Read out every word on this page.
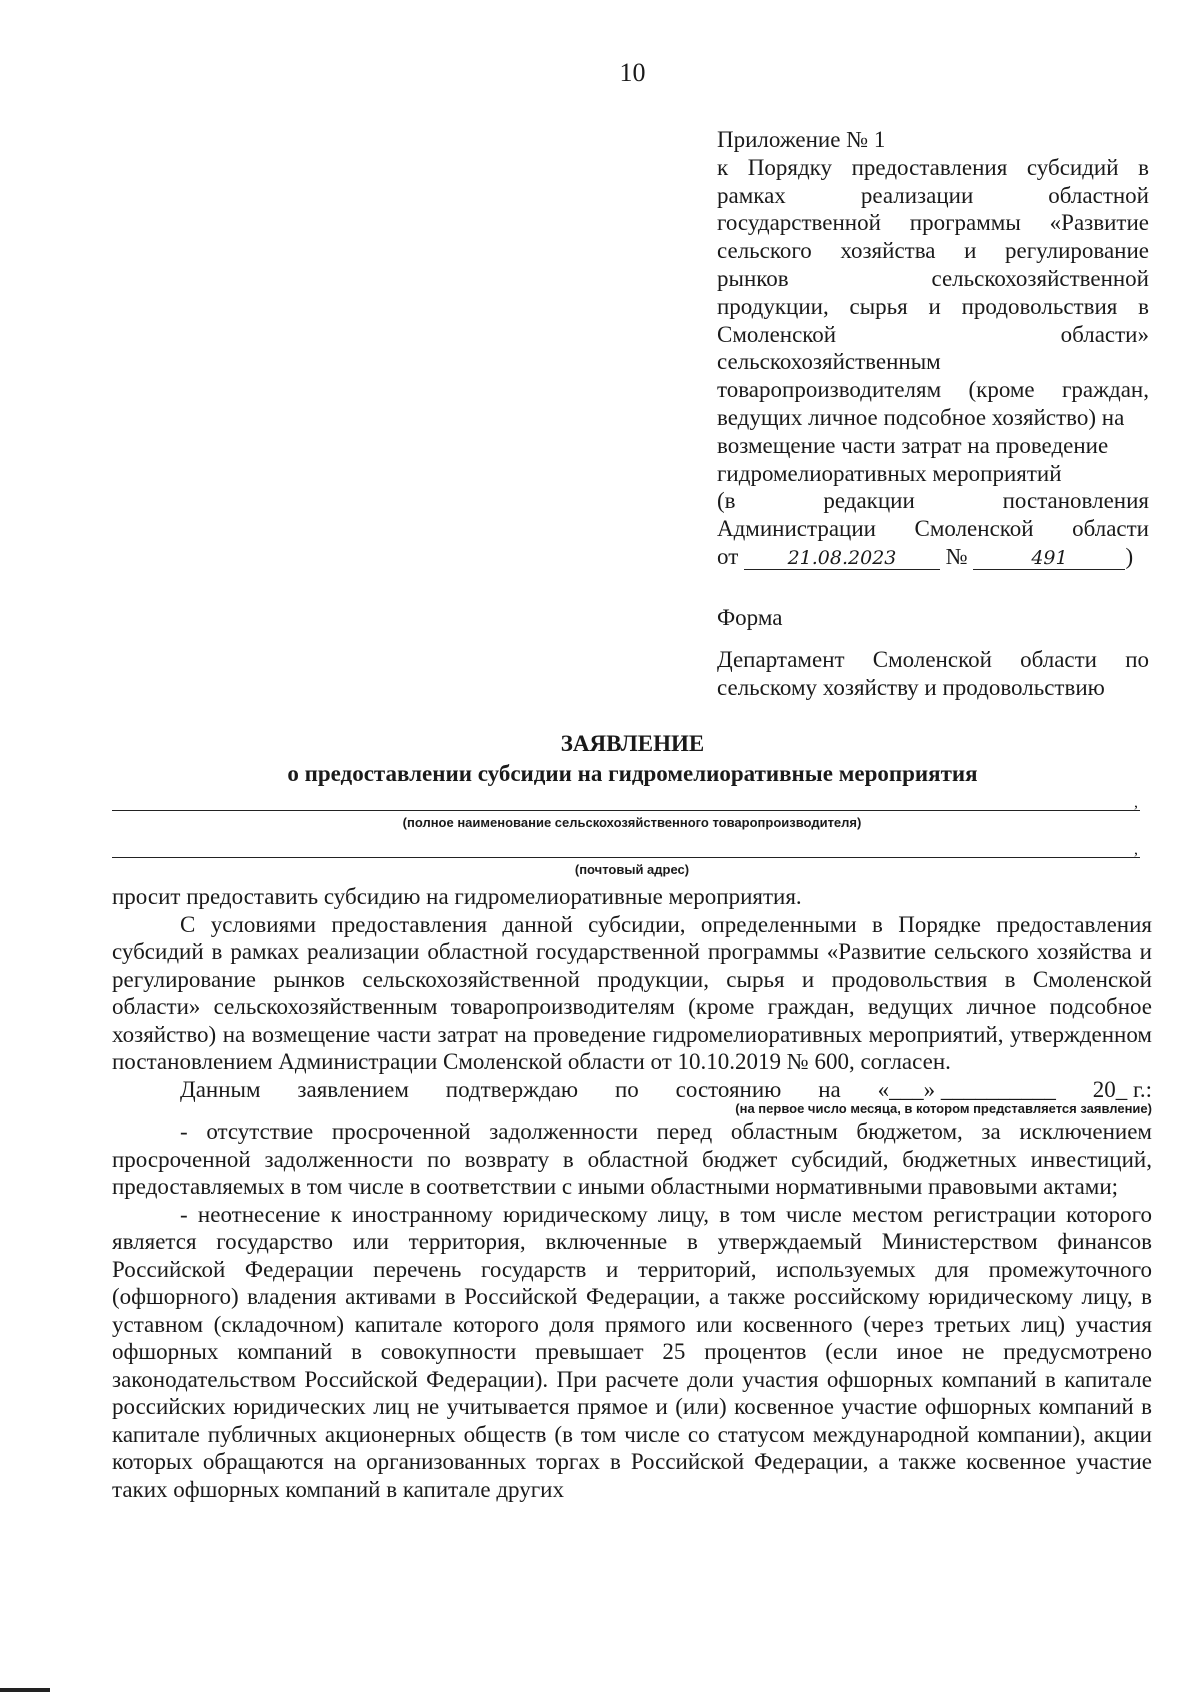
10
Приложение № 1
к Порядку предоставления субсидий в
рамках реализации областной
государственной программы «Развитие
сельского хозяйства и регулирование
рынков сельскохозяйственной
продукции, сырья и продовольствия в
Смоленской области»
сельскохозяйственным
товаропроизводителям (кроме граждан,
ведущих личное подсобное хозяйство) на
возмещение части затрат на проведение
гидромелиоративных мероприятий
(в редакции постановления
Администрации Смоленской области
от	21.08.2023 №	491	)
Форма
Департамент Смоленской области по
сельскому хозяйству и продовольствию
ЗАЯВЛЕНИЕ
о предоставлении субсидии на гидромелиоративные мероприятия
,
(полное наименование сельскохозяйственного товаропроизводителя)
,
(почтовый адрес)

просит предоставить субсидию на гидромелиоративные мероприятия.

С условиями предоставления данной субсидии, определенными в Порядке предоставления субсидий в рамках реализации областной государственной программы «Развитие сельского хозяйства и регулирование рынков сельскохозяйственной продукции, сырья и продовольствия в Смоленской области» сельскохозяйственным товаропроизводителям (кроме граждан, ведущих личное подсобное хозяйство) на возмещение части затрат на проведение гидромелиоративных мероприятий, утвержденном постановлением Администрации Смоленской области от 10.10.2019 № 600, согласен.

Данным заявлением подтверждаю по состоянию на «___» __________ 20_ г.:
(на первое число месяца, в котором представляется заявление)

- отсутствие просроченной задолженности перед областным бюджетом, за исключением просроченной задолженности по возврату в областной бюджет субсидий, бюджетных инвестиций, предоставляемых в том числе в соответствии с иными областными нормативными правовыми актами;

- неотнесение к иностранному юридическому лицу, в том числе местом регистрации которого является государство или территория, включенные в утверждаемый Министерством финансов Российской Федерации перечень государств и территорий, используемых для промежуточного (офшорного) владения активами в Российской Федерации, а также российскому юридическому лицу, в уставном (складочном) капитале которого доля прямого или косвенного (через третьих лиц) участия офшорных компаний в совокупности превышает 25 процентов (если иное не предусмотрено законодательством Российской Федерации). При расчете доли участия офшорных компаний в капитале российских юридических лиц не учитывается прямое и (или) косвенное участие офшорных компаний в капитале публичных акционерных обществ (в том числе со статусом международной компании), акции которых обращаются на организованных торгах в Российской Федерации, а также косвенное участие таких офшорных компаний в капитале других
